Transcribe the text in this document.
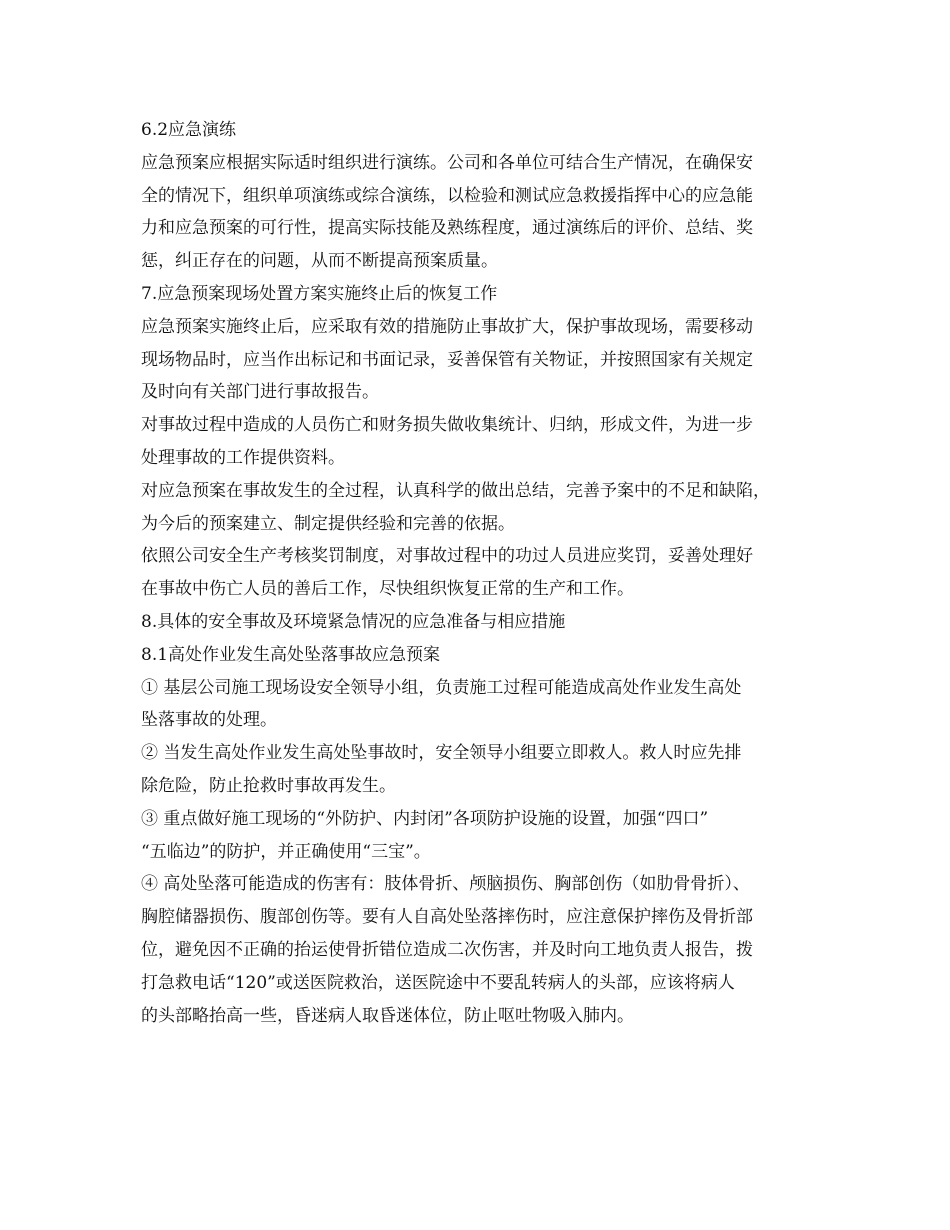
6.2应急演练
应急预案应根据实际适时组织进行演练。公司和各单位可结合生产情况，在确保安
全的情况下，组织单项演练或综合演练，以检验和测试应急救援指挥中心的应急能
力和应急预案的可行性，提高实际技能及熟练程度，通过演练后的评价、总结、奖
惩，纠正存在的问题，从而不断提高预案质量。
7.应急预案现场处置方案实施终止后的恢复工作
应急预案实施终止后，应采取有效的措施防止事故扩大，保护事故现场，需要移动
现场物品时，应当作出标记和书面记录，妥善保管有关物证，并按照国家有关规定
及时向有关部门进行事故报告。
对事故过程中造成的人员伤亡和财务损失做收集统计、归纳，形成文件，为进一步
处理事故的工作提供资料。
对应急预案在事故发生的全过程，认真科学的做出总结，完善予案中的不足和缺陷，
为今后的预案建立、制定提供经验和完善的依据。
依照公司安全生产考核奖罚制度，对事故过程中的功过人员进应奖罚，妥善处理好
在事故中伤亡人员的善后工作，尽快组织恢复正常的生产和工作。
8.具体的安全事故及环境紧急情况的应急准备与相应措施
8.1高处作业发生高处坠落事故应急预案
① 基层公司施工现场设安全领导小组，负责施工过程可能造成高处作业发生高处
坠落事故的处理。
② 当发生高处作业发生高处坠事故时，安全领导小组要立即救人。救人时应先排
除危险，防止抢救时事故再发生。
③ 重点做好施工现场的“外防护、内封闭”各项防护设施的设置，加强“四口”
“五临边”的防护，并正确使用“三宝”。
④ 高处坠落可能造成的伤害有：肢体骨折、颅脑损伤、胸部创伤（如肋骨骨折）、
胸腔储器损伤、腹部创伤等。要有人自高处坠落摔伤时，应注意保护摔伤及骨折部
位，避免因不正确的抬运使骨折错位造成二次伤害，并及时向工地负责人报告，拨
打急救电话“120”或送医院救治，送医院途中不要乱转病人的头部，应该将病人
的头部略抬高一些，昏迷病人取昏迷体位，防止呕吐物吸入肺内。
